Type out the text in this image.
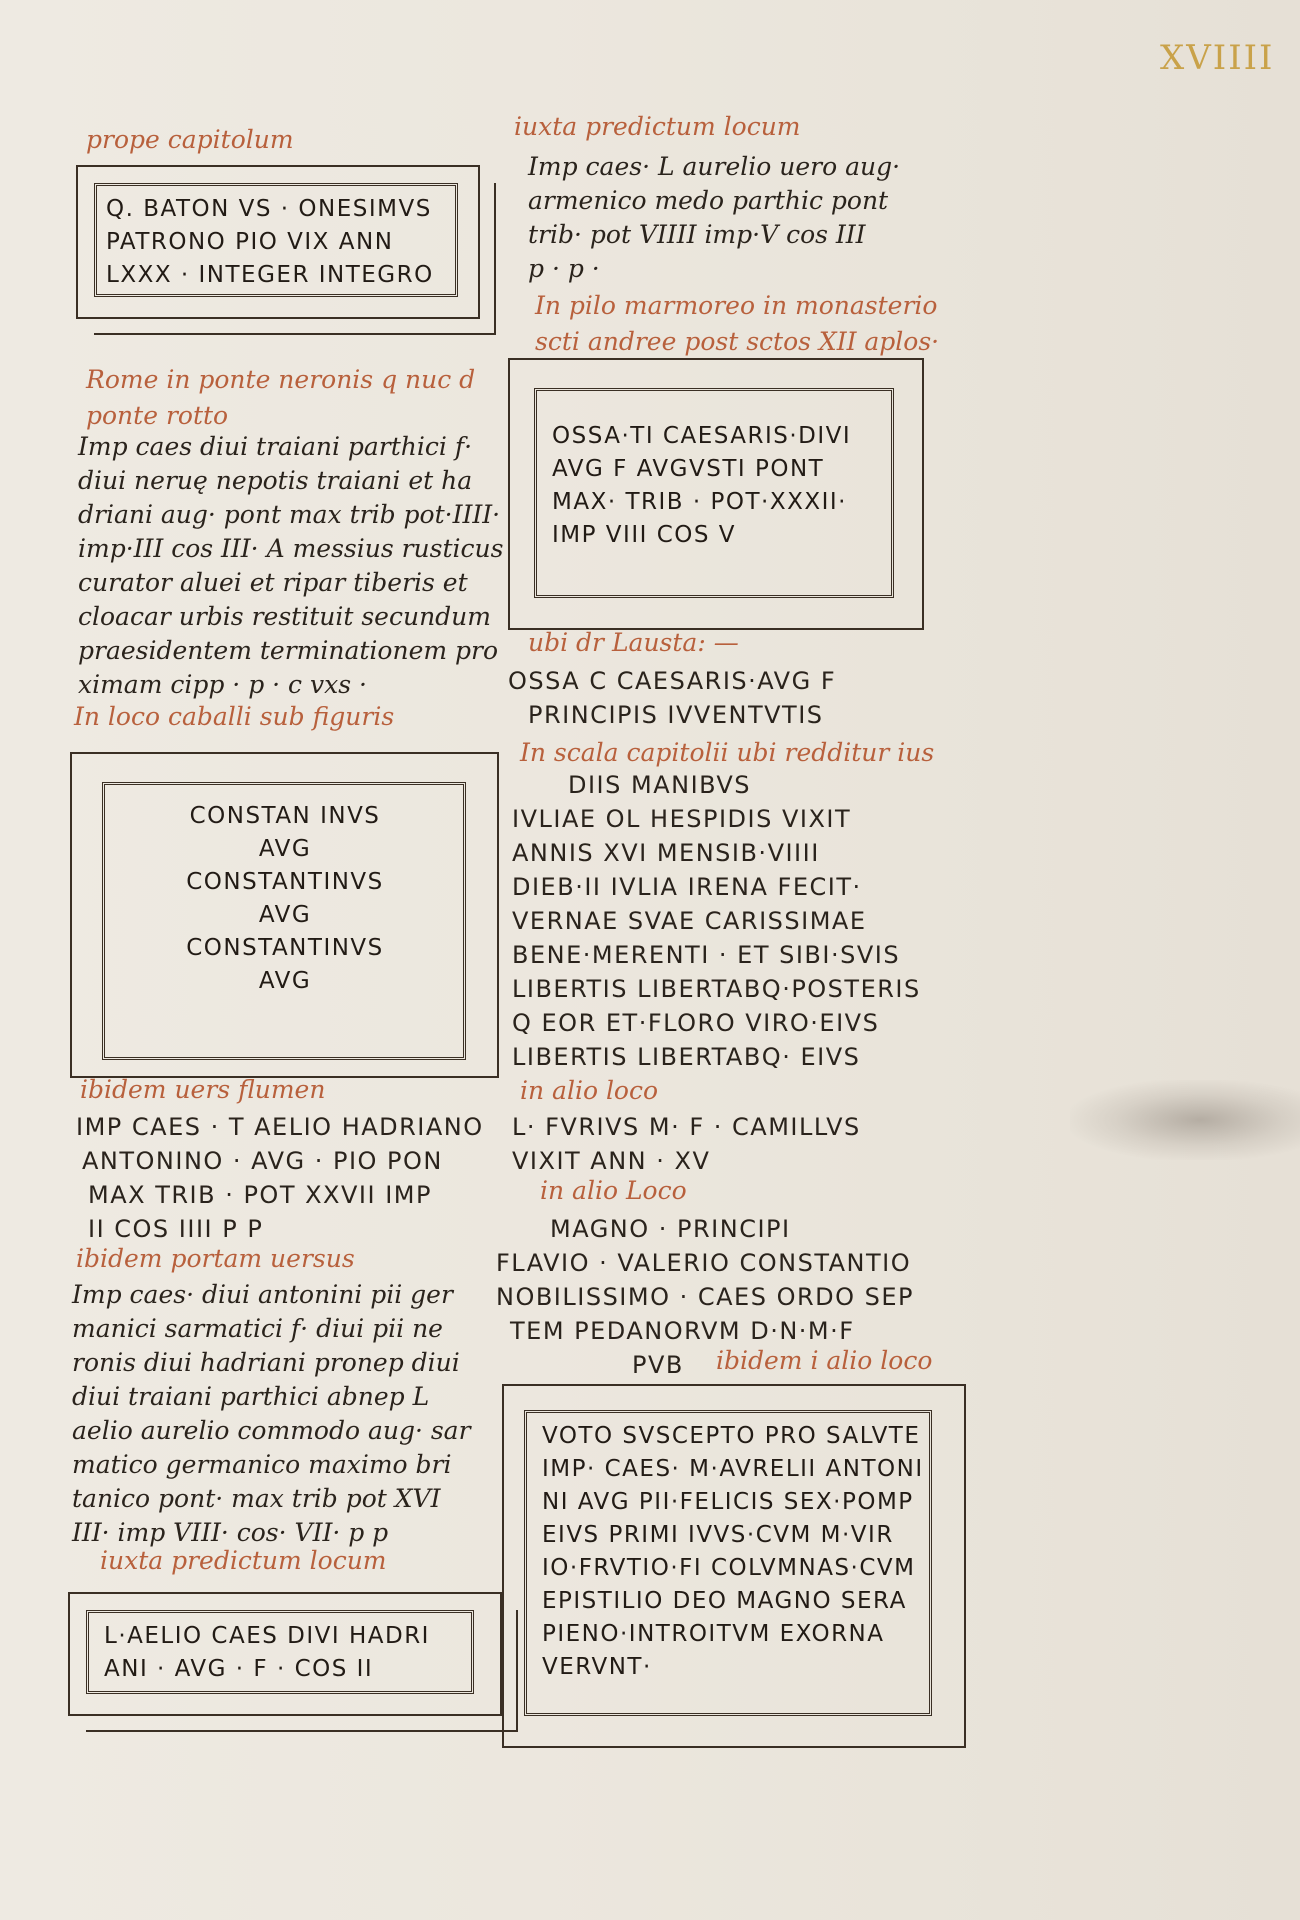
XVIIII
prope capitolum
Q. BATON VS · ONESIMVS
PATRONO PIO VIX ANN
LXXX · INTEGER INTEGRO
Rome in ponte neronis q nuc d
ponte rotto
Imp caes diui traiani parthici f·
diui neruę nepotis traiani et ha
driani aug· pont max trib pot·IIII·
imp·III cos III· A messius rusticus
curator aluei et ripar tiberis et
cloacar urbis restituit secundum
praesidentem terminationem pro
ximam cipp · p · c vxs ·
In loco caballi sub figuris
CONSTAN INVS
AVG
CONSTANTINVS
AVG
CONSTANTINVS
AVG
ibidem uers flumen
IMP CAES · T AELIO HADRIANO
ANTONINO · AVG · PIO PON
MAX TRIB · POT XXVII IMP
II COS IIII P P
ibidem portam uersus
Imp caes· diui antonini pii ger
manici sarmatici f· diui pii ne
ronis diui hadriani pronep diui
diui traiani parthici abnep L
aelio aurelio commodo aug· sar
matico germanico maximo bri
tanico pont· max trib pot XVI
III· imp VIII· cos· VII· p p
iuxta predictum locum
L·AELIO CAES DIVI HADRI
ANI · AVG · F · COS II
iuxta predictum locum
Imp caes· L aurelio uero aug·
armenico medo parthic pont
trib· pot VIIII imp·V cos III
p · p ·
In pilo marmoreo in monasterio
scti andree post sctos XII aplos·
OSSA·TI CAESARIS·DIVI
AVG F AVGVSTI PONT
MAX· TRIB · POT·XXXII·
IMP VIII COS V
ubi dr Lausta: —
OSSA C CAESARIS·AVG F
PRINCIPIS IVVENTVTIS
In scala capitolii ubi redditur ius
DIIS MANIBVS
IVLIAE OL HESPIDIS VIXIT
ANNIS XVI MENSIB·VIIII
DIEB·II IVLIA IRENA FECIT·
VERNAE SVAE CARISSIMAE
BENE·MERENTI · ET SIBI·SVIS
LIBERTIS LIBERTABQ·POSTERIS
Q EOR ET·FLORO VIRO·EIVS
LIBERTIS LIBERTABQ· EIVS
in alio loco
L· FVRIVS M· F · CAMILLVS
VIXIT ANN · XV
in alio Loco
MAGNO · PRINCIPI
FLAVIO · VALERIO CONSTANTIO
NOBILISSIMO · CAES ORDO SEP
TEM PEDANORVM D·N·M·F
PVB	ibidem i alio loco
VOTO SVSCEPTO PRO SALVTE
IMP· CAES· M·AVRELII ANTONI
NI AVG PII·FELICIS SEX·POMP
EIVS PRIMI IVVS·CVM M·VIR
IO·FRVTIO·FI COLVMNAS·CVM
EPISTILIO DEO MAGNO SERA
PIENO·INTROITVM EXORNA
VERVNT·
